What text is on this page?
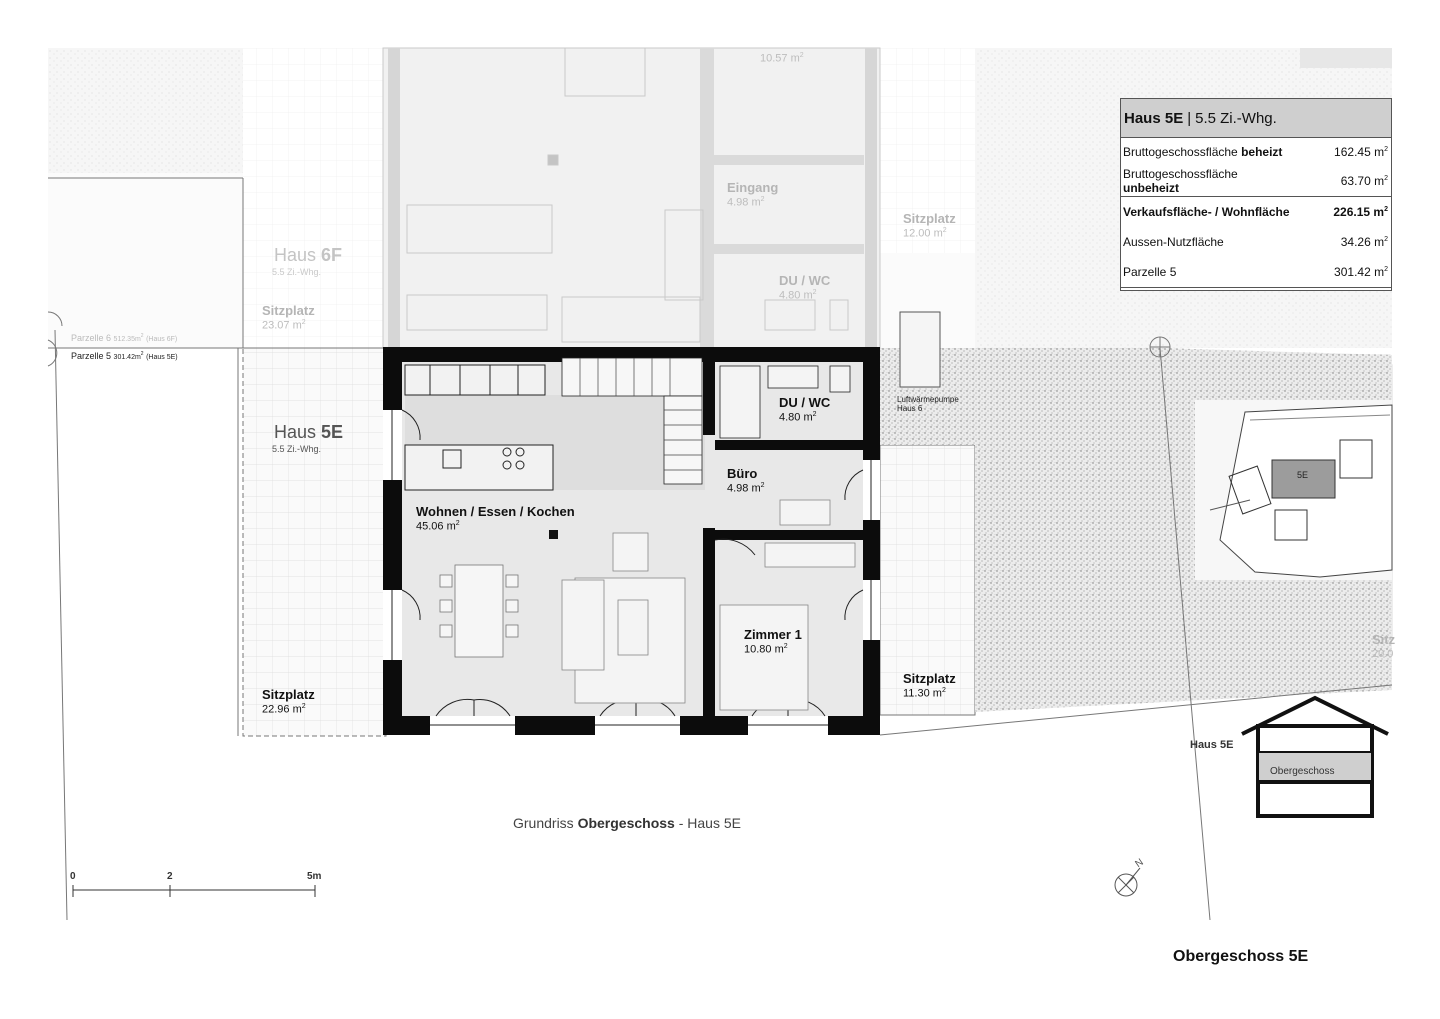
Haus 5E | 5.5 Zi.-Whg.
Bruttogeschossfläche beheizt	162.45 $m^2$
Bruttogeschossfläche
unbeheizt	63.70 $m^2$
Verkaufsfläche- / Wohnfläche	226.15 $m^2$
Aussen-Nutzfläche	34.26 $m^2$
Parzelle 5	301.42 $m^2$
10.57 $m^2$
Eingang
4.98 $m^2$
DU / WC
4.80 $m^2$
Sitzplatz
12.00 $m^2$
Sitzplatz
23.07 $m^2$
Sitz
20.0
Haus 6F
5.5 Zi.-Whg.
Haus 5E
5.5 Zi.-Whg.
Parzelle 6 $512.35m^2$ (Haus 6F)
Parzelle 5 $301.42m^2$ (Haus 5E)
Wohnen / Essen / Kochen
45.06 $m^2$
DU / WC
4.80 $m^2$
Büro
4.98 $m^2$
Zimmer 1
10.80 $m^2$
Sitzplatz
22.96 $m^2$
Sitzplatz
11.30 $m^2$
Luftwärmepumpe
Haus 6
5E
Haus 5E
Obergeschoss
Grundriss Obergeschoss - Haus 5E
0	2	5m
N
Obergeschoss 5E
